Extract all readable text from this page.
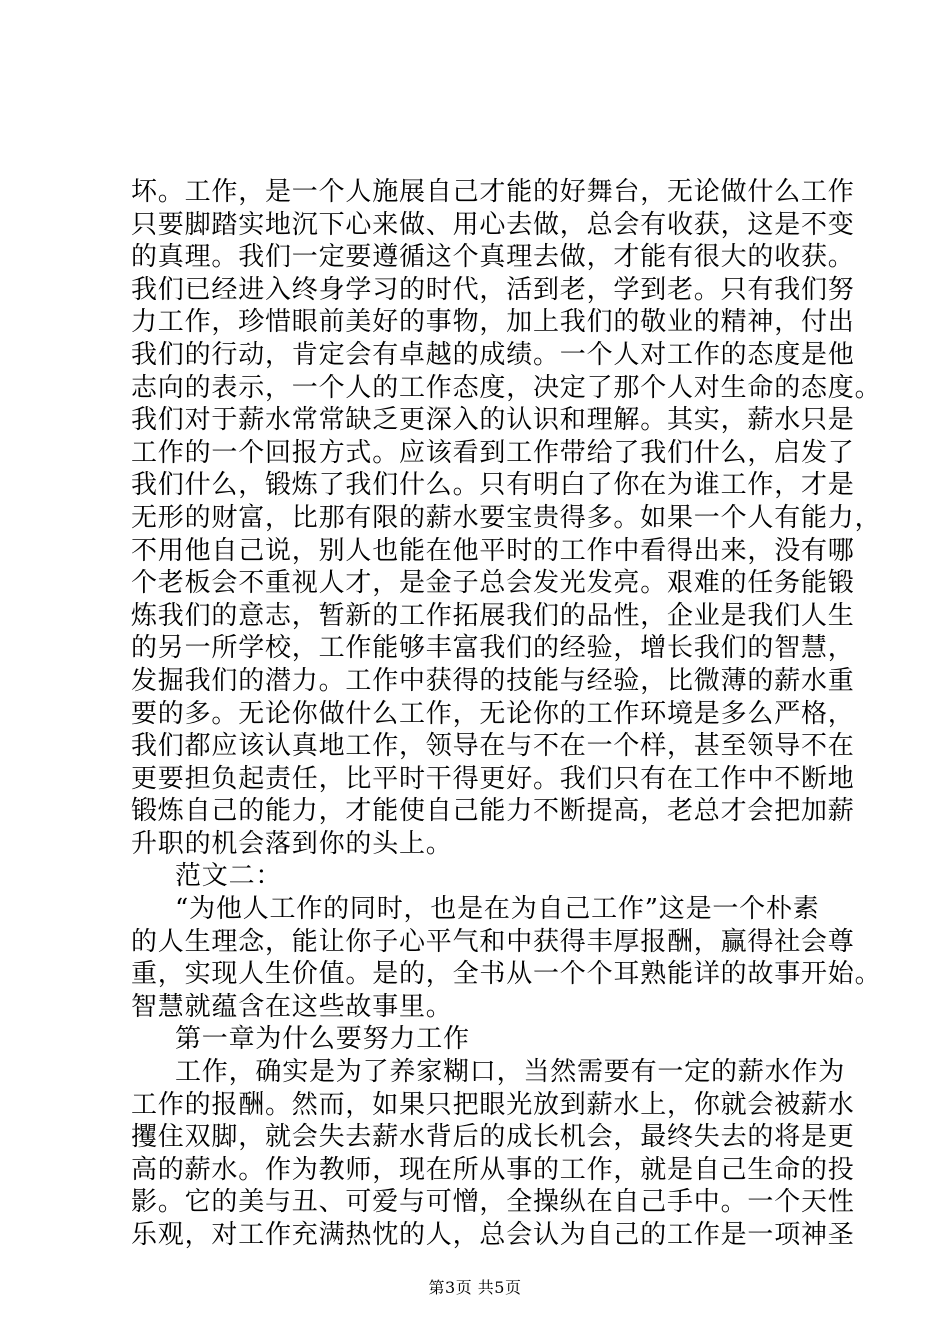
坏。工作，是一个人施展自己才能的好舞台，无论做什么工作
只要脚踏实地沉下心来做、用心去做，总会有收获，这是不变
的真理。我们一定要遵循这个真理去做，才能有很大的收获。
我们已经进入终身学习的时代，活到老，学到老。只有我们努
力工作，珍惜眼前美好的事物，加上我们的敬业的精神，付出
我们的行动，肯定会有卓越的成绩。一个人对工作的态度是他
志向的表示，一个人的工作态度，决定了那个人对生命的态度。
我们对于薪水常常缺乏更深入的认识和理解。其实，薪水只是
工作的一个回报方式。应该看到工作带给了我们什么，启发了
我们什么，锻炼了我们什么。只有明白了你在为谁工作，才是
无形的财富，比那有限的薪水要宝贵得多。如果一个人有能力，
不用他自己说，别人也能在他平时的工作中看得出来，没有哪
个老板会不重视人才，是金子总会发光发亮。艰难的任务能锻
炼我们的意志，暂新的工作拓展我们的品性，企业是我们人生
的另一所学校，工作能够丰富我们的经验，增长我们的智慧，
发掘我们的潜力。工作中获得的技能与经验，比微薄的薪水重
要的多。无论你做什么工作，无论你的工作环境是多么严格，
我们都应该认真地工作，领导在与不在一个样，甚至领导不在
更要担负起责任，比平时干得更好。我们只有在工作中不断地
锻炼自己的能力，才能使自己能力不断提高，老总才会把加薪
升职的机会落到你的头上。
范文二：
“为他人工作的同时，也是在为自己工作”这是一个朴素
的人生理念，能让你子心平气和中获得丰厚报酬，赢得社会尊
重，实现人生价值。是的，全书从一个个耳熟能详的故事开始。
智慧就蕴含在这些故事里。
第一章为什么要努力工作
工作，确实是为了养家糊口，当然需要有一定的薪水作为
工作的报酬。然而，如果只把眼光放到薪水上，你就会被薪水
攫住双脚，就会失去薪水背后的成长机会，最终失去的将是更
高的薪水。作为教师，现在所从事的工作，就是自己生命的投
影。它的美与丑、可爱与可憎，全操纵在自己手中。一个天性
乐观，对工作充满热忱的人，总会认为自己的工作是一项神圣
第3页 共5页
